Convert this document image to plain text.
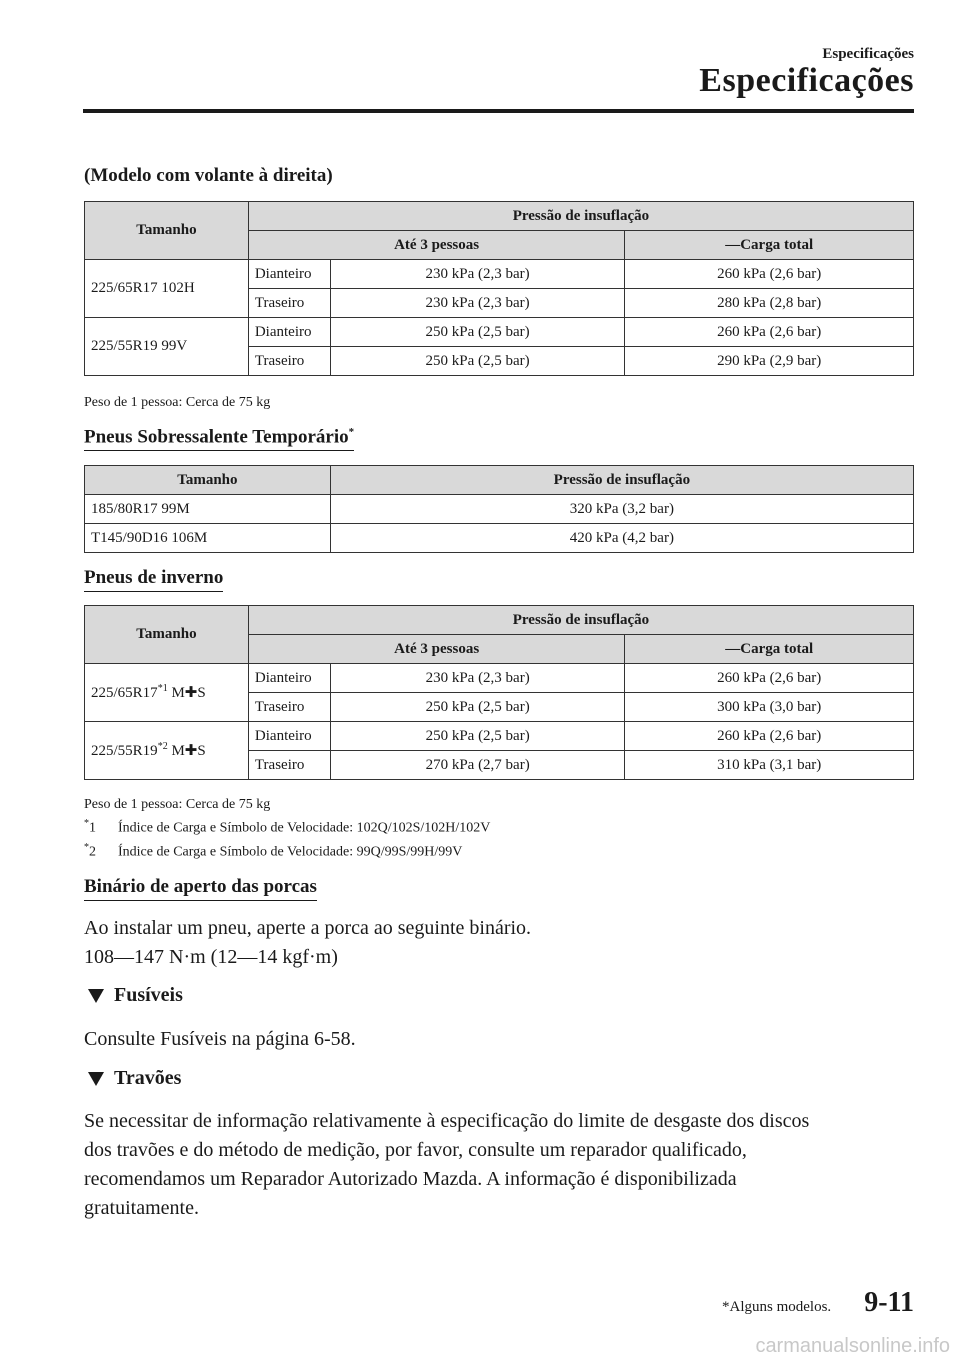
Especificações
Especificações
(Modelo com volante à direita)
Tamanho	Pressão de insuflação		
	Até 3 pessoas		―Carga total
225/65R17 102H	Dianteiro	230 kPa (2,3 bar)	260 kPa (2,6 bar)
	Traseiro	230 kPa (2,3 bar)	280 kPa (2,8 bar)
225/55R19 99V	Dianteiro	250 kPa (2,5 bar)	260 kPa (2,6 bar)
	Traseiro	250 kPa (2,5 bar)	290 kPa (2,9 bar)
Peso de 1 pessoa: Cerca de 75 kg
Pneus Sobressalente Temporário*
Tamanho	Pressão de insuflação
185/80R17 99M	320 kPa (3,2 bar)
T145/90D16 106M	420 kPa (4,2 bar)
Pneus de inverno
Tamanho	Pressão de insuflação		
	Até 3 pessoas		―Carga total
225/65R17$^{*1}$ M✚S	Dianteiro	230 kPa (2,3 bar)	260 kPa (2,6 bar)
	Traseiro	250 kPa (2,5 bar)	300 kPa (3,0 bar)
225/55R19$^{*2}$ M✚S	Dianteiro	250 kPa (2,5 bar)	260 kPa (2,6 bar)
	Traseiro	270 kPa (2,7 bar)	310 kPa (3,1 bar)
Peso de 1 pessoa: Cerca de 75 kg
*1 Índice de Carga e Símbolo de Velocidade: 102Q/102S/102H/102V
*2 Índice de Carga e Símbolo de Velocidade: 99Q/99S/99H/99V
Binário de aperto das porcas
Ao instalar um pneu, aperte a porca ao seguinte binário.
108―147 N·m (12―14 kgf·m)
Fusíveis
Consulte Fusíveis na página 6-58.
Travões
Se necessitar de informação relativamente à especificação do limite de desgaste dos discos
dos travões e do método de medição, por favor, consulte um reparador qualificado,
recomendamos um Reparador Autorizado Mazda. A informação é disponibilizada
gratuitamente.
*Alguns modelos. 9-11
carmanualsonline.info
